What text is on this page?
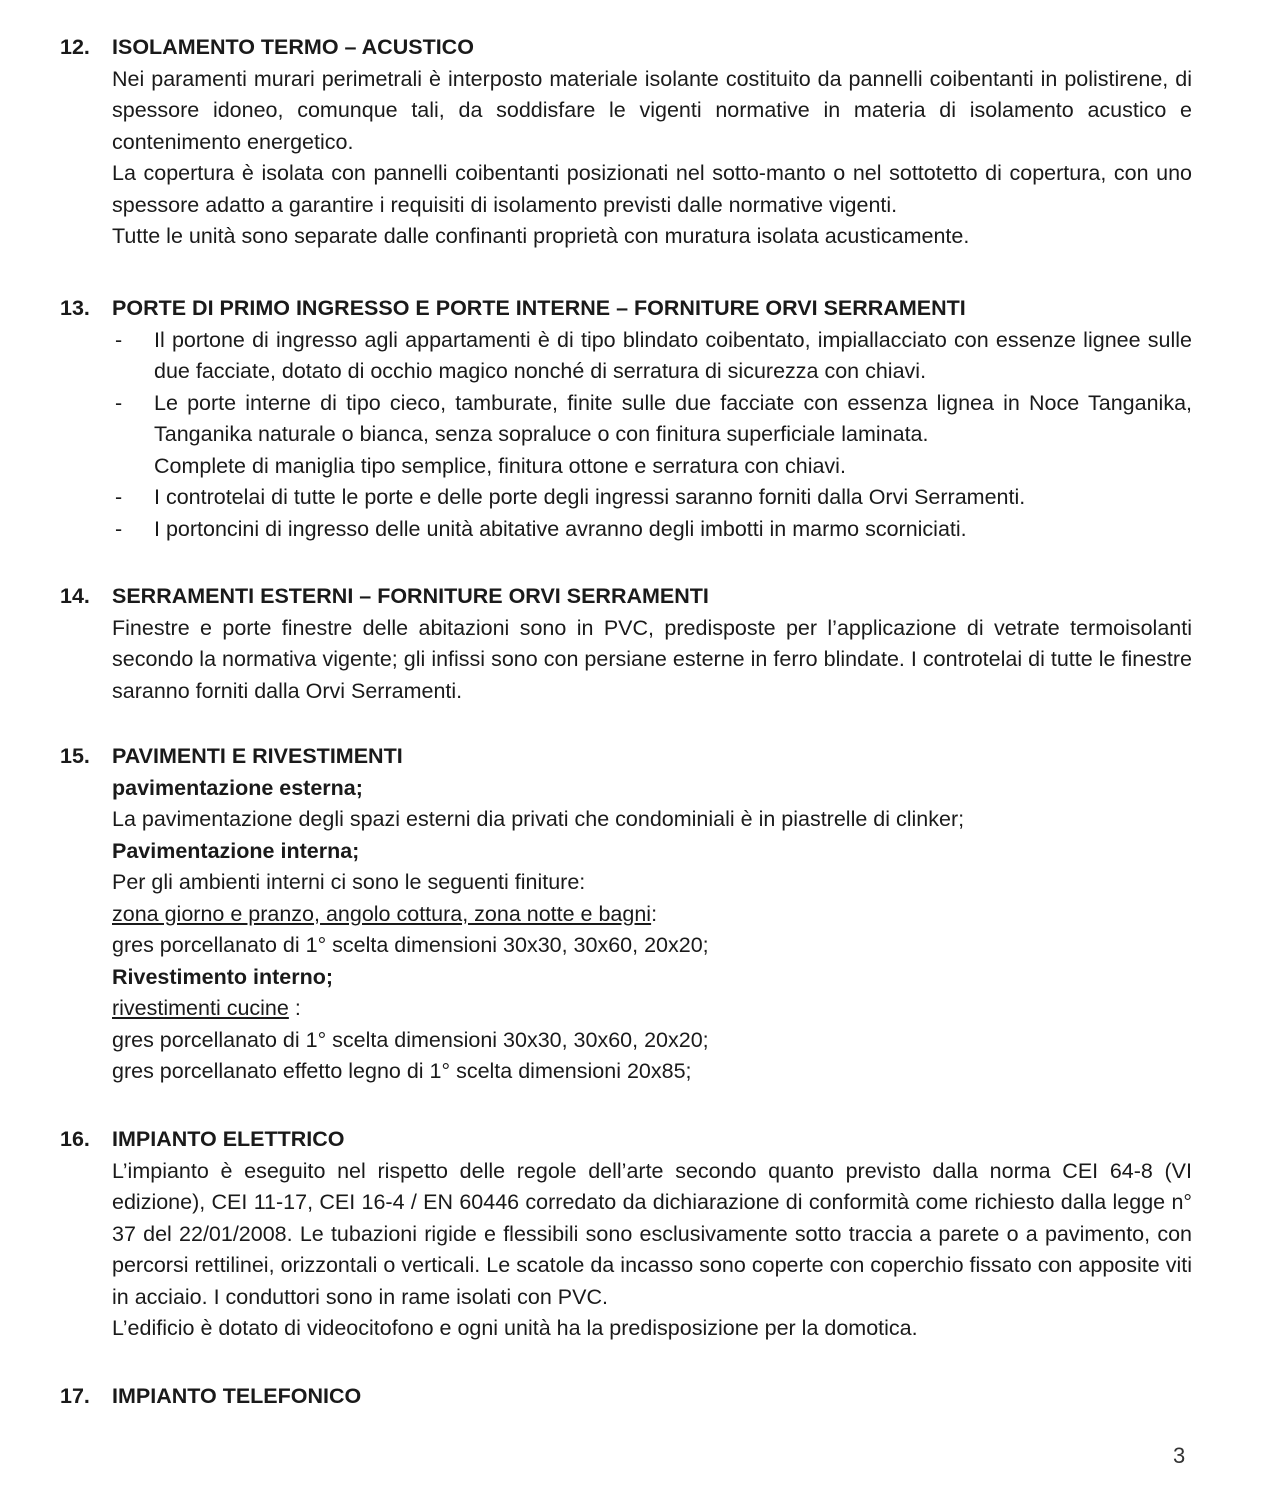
12. ISOLAMENTO TERMO – ACUSTICO

Nei paramenti murari perimetrali è interposto materiale isolante costituito da pannelli coibentanti in polistirene, di spessore idoneo, comunque tali, da soddisfare le vigenti normative in materia di isolamento acustico e contenimento energetico.

La copertura è isolata con pannelli coibentanti posizionati nel sotto-manto o nel sottotetto di copertura, con uno spessore adatto a garantire i requisiti di isolamento previsti dalle normative vigenti.

Tutte le unità sono separate dalle confinanti proprietà con muratura isolata acusticamente.

13. PORTE DI PRIMO INGRESSO E PORTE INTERNE – FORNITURE ORVI SERRAMENTI
- Il portone di ingresso agli appartamenti è di tipo blindato coibentato, impiallacciato con essenze lignee sulle due facciate, dotato di occhio magico nonché di serratura di sicurezza con chiavi.
- Le porte interne di tipo cieco, tamburate, finite sulle due facciate con essenza lignea in Noce Tanganika, Tanganika naturale o bianca, senza sopraluce o con finitura superficiale laminata.
Complete di maniglia tipo semplice, finitura ottone e serratura con chiavi.
- I controtelai di tutte le porte e delle porte degli ingressi saranno forniti dalla Orvi Serramenti.
- I portoncini di ingresso delle unità abitative avranno degli imbotti in marmo scorniciati.
14. SERRAMENTI ESTERNI – FORNITURE ORVI SERRAMENTI

Finestre e porte finestre delle abitazioni sono in PVC, predisposte per l’applicazione di vetrate termoisolanti secondo la normativa vigente; gli infissi sono con persiane esterne in ferro blindate. I controtelai di tutte le finestre saranno forniti dalla Orvi Serramenti.

15. PAVIMENTI E RIVESTIMENTI

pavimentazione esterna;

La pavimentazione degli spazi esterni dia privati che condominiali è in piastrelle di clinker;

Pavimentazione interna;

Per gli ambienti interni ci sono le seguenti finiture:

zona giorno e pranzo, angolo cottura, zona notte e bagni:

gres porcellanato di 1° scelta dimensioni 30x30, 30x60, 20x20;

Rivestimento interno;

rivestimenti cucine :

gres porcellanato di 1° scelta dimensioni 30x30, 30x60, 20x20;

gres porcellanato effetto legno di 1° scelta dimensioni 20x85;

16. IMPIANTO ELETTRICO

L’impianto è eseguito nel rispetto delle regole dell’arte secondo quanto previsto dalla norma CEI 64-8 (VI edizione), CEI 11-17, CEI 16-4 / EN 60446 corredato da dichiarazione di conformità come richiesto dalla legge n° 37 del 22/01/2008. Le tubazioni rigide e flessibili sono esclusivamente sotto traccia a parete o a pavimento, con percorsi rettilinei, orizzontali o verticali. Le scatole da incasso sono coperte con coperchio fissato con apposite viti in acciaio. I conduttori sono in rame isolati con PVC.

L’edificio è dotato di videocitofono e ogni unità ha la predisposizione per la domotica.

17. IMPIANTO TELEFONICO
3
